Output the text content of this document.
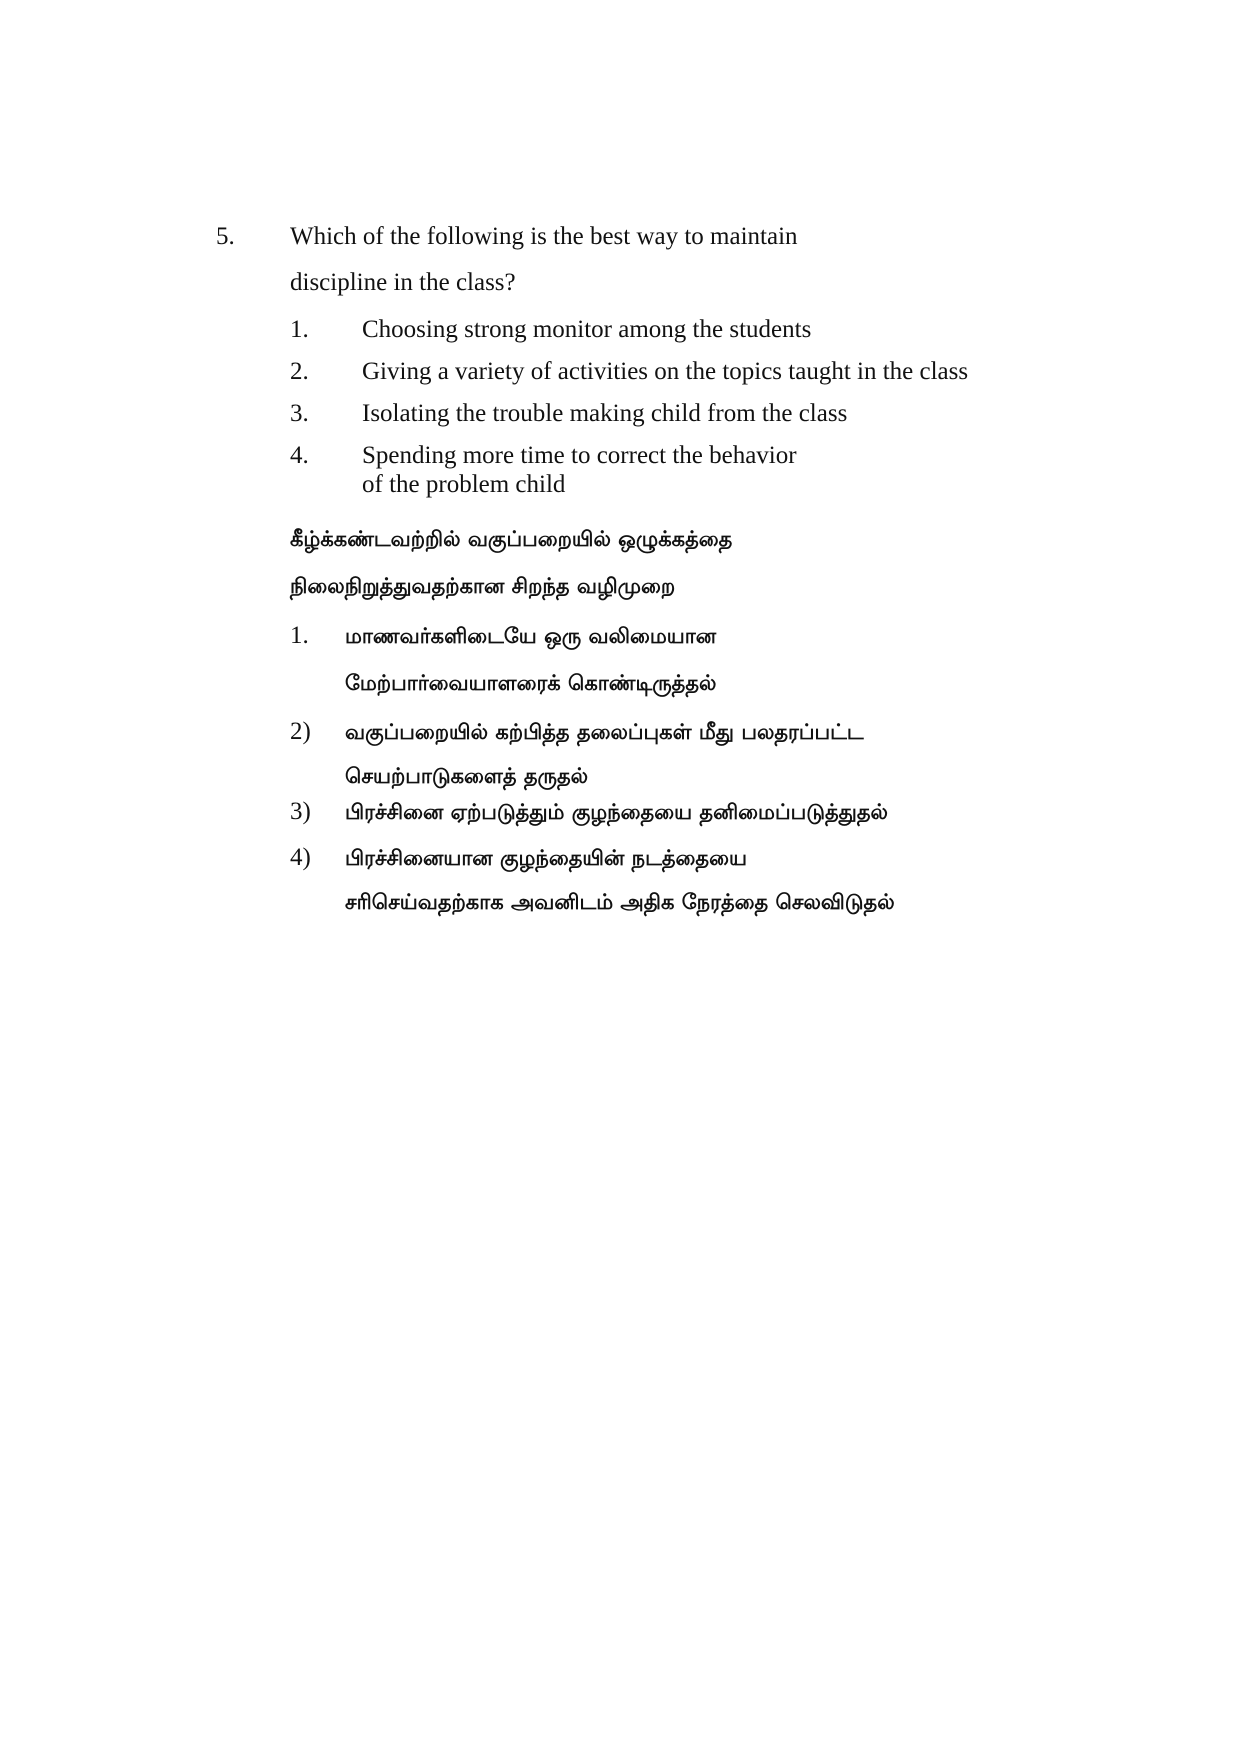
5. Which of the following is the best way to maintain
discipline in the class?
1. Choosing strong monitor among the students
2. Giving a variety of activities on the topics taught in the class
3. Isolating the trouble making child from the class
4. Spending more time to correct the behavior
of the problem child
கீழ்க்கண்டவற்றில் வகுப்பறையில் ஒழுக்கத்தை
நிலைநிறுத்துவதற்கான சிறந்த வழிமுறை
1. மாணவர்களிடையே ஒரு வலிமையான
மேற்பார்வையாளரைக் கொண்டிருத்தல்
2) வகுப்பறையில் கற்பித்த தலைப்புகள் மீது பலதரப்பட்ட
செயற்பாடுகளைத் தருதல்
3) பிரச்சினை ஏற்படுத்தும் குழந்தையை தனிமைப்படுத்துதல்
4) பிரச்சினையான குழந்தையின் நடத்தையை
சரிசெய்வதற்காக அவனிடம் அதிக நேரத்தை செலவிடுதல்
